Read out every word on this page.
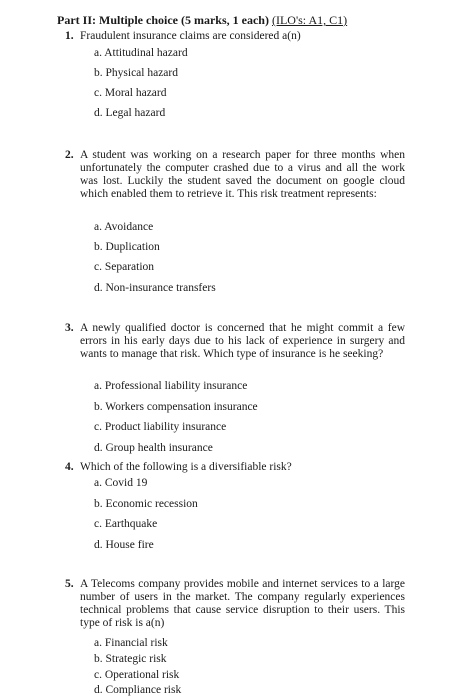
Part II: Multiple choice (5 marks, 1 each) (ILO's: A1, C1)
1. Fraudulent insurance claims are considered a(n)
a. Attitudinal hazard
b. Physical hazard
c. Moral hazard
d. Legal hazard
2. A student was working on a research paper for three months when unfortunately the computer crashed due to a virus and all the work was lost. Luckily the student saved the document on google cloud which enabled them to retrieve it. This risk treatment represents:
a. Avoidance
b. Duplication
c. Separation
d. Non-insurance transfers
3. A newly qualified doctor is concerned that he might commit a few errors in his early days due to his lack of experience in surgery and wants to manage that risk. Which type of insurance is he seeking?
a. Professional liability insurance
b. Workers compensation insurance
c. Product liability insurance
d. Group health insurance
4. Which of the following is a diversifiable risk?
a. Covid 19
b. Economic recession
c. Earthquake
d. House fire
5. A Telecoms company provides mobile and internet services to a large number of users in the market. The company regularly experiences technical problems that cause service disruption to their users. This type of risk is a(n)
a. Financial risk
b. Strategic risk
c. Operational risk
d. Compliance risk
